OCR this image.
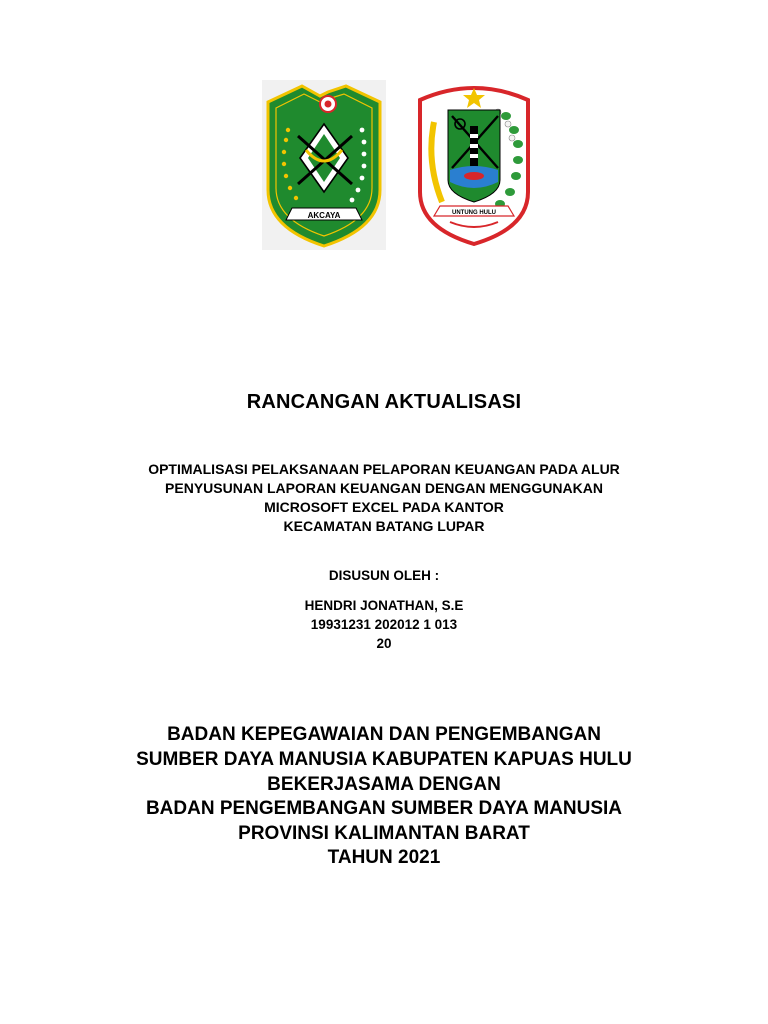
AKCAYA	UNTUNG HULU
RANCANGAN AKTUALISASI
OPTIMALISASI PELAKSANAAN PELAPORAN KEUANGAN PADA ALUR
PENYUSUNAN LAPORAN KEUANGAN DENGAN MENGGUNAKAN
MICROSOFT EXCEL PADA KANTOR
KECAMATAN BATANG LUPAR
DISUSUN OLEH :
HENDRI JONATHAN, S.E
19931231 202012 1 013
20
BADAN KEPEGAWAIAN DAN PENGEMBANGAN
SUMBER DAYA MANUSIA KABUPATEN KAPUAS HULU
BEKERJASAMA DENGAN
BADAN PENGEMBANGAN SUMBER DAYA MANUSIA
PROVINSI KALIMANTAN BARAT
TAHUN 2021
